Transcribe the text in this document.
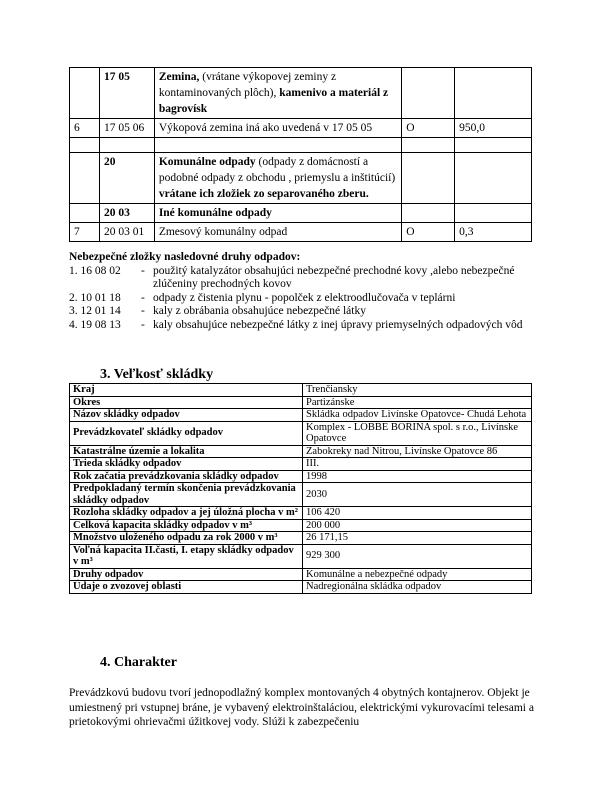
	17 05	Zemina, (vrátane výkopovej zeminy z kontaminovaných plôch), kamenivo a materiál z bagrovísk		
6	17 05 06	Výkopová zemina iná ako uvedená v 17 05 05	O	950,0

	20	Komunálne odpady (odpady z domácností a podobné odpady z obchodu , priemyslu a inštitúcií) vrátane ich zložiek zo separovaného zberu.		
	20 03	Iné komunálne odpady		
7	20 03 01	Zmesový komunálny odpad	O	0,3
Nebezpečné zložky nasledovné druhy odpadov:
1. 16 08 02	- použitý katalyzátor obsahujúci nebezpečné prechodné kovy ,alebo nebezpečné zlúčeniny prechodných kovov
2. 10 01 18	- odpady z čistenia plynu - popolček z elektroodlučovača v teplárni
3. 12 01 14	- kaly z obrábania obsahujúce nebezpečné látky
4. 19 08 13	- kaly obsahujúce nebezpečné látky z inej úpravy priemyselných odpadových vôd
3. Veľkosť skládky
Kraj	Trenčiansky
Okres	Partizánske
Názov skládky odpadov	Skládka odpadov Livínske Opatovce- Chudá Lehota
Prevádzkovateľ skládky odpadov	Komplex - LOBBE BORINA spol. s r.o., Livínske Opatovce
Katastrálne územie a lokalita	Zabokreky nad Nitrou, Livínske Opatovce 86
Trieda skládky odpadov	III.
Rok začatia prevádzkovania skládky odpadov	1998
Predpokladaný termín skončenia prevádzkovania skládky odpadov	2030
Rozloha skládky odpadov a jej úložná plocha v m²	106 420
Celková kapacita skládky odpadov v m³	200 000
Množstvo uloženého odpadu za rok 2000 v m³	26 171,15
Voľná kapacita II.časti, I. etapy skládky odpadov v m³	929 300
Druhy odpadov	Komunálne a nebezpečné odpady
Údaje o zvozovej oblasti	Nadregionálna skládka odpadov
4. Charakter
Prevádzkovú budovu tvorí jednopodlažný komplex montovaných 4 obytných kontajnerov. Objekt je umiestnený pri vstupnej bráne, je vybavený elektroinštaláciou, elektrickými vykurovacími telesami a prietokovými ohrievačmi úžitkovej vody. Slúži k zabezpečeniu
